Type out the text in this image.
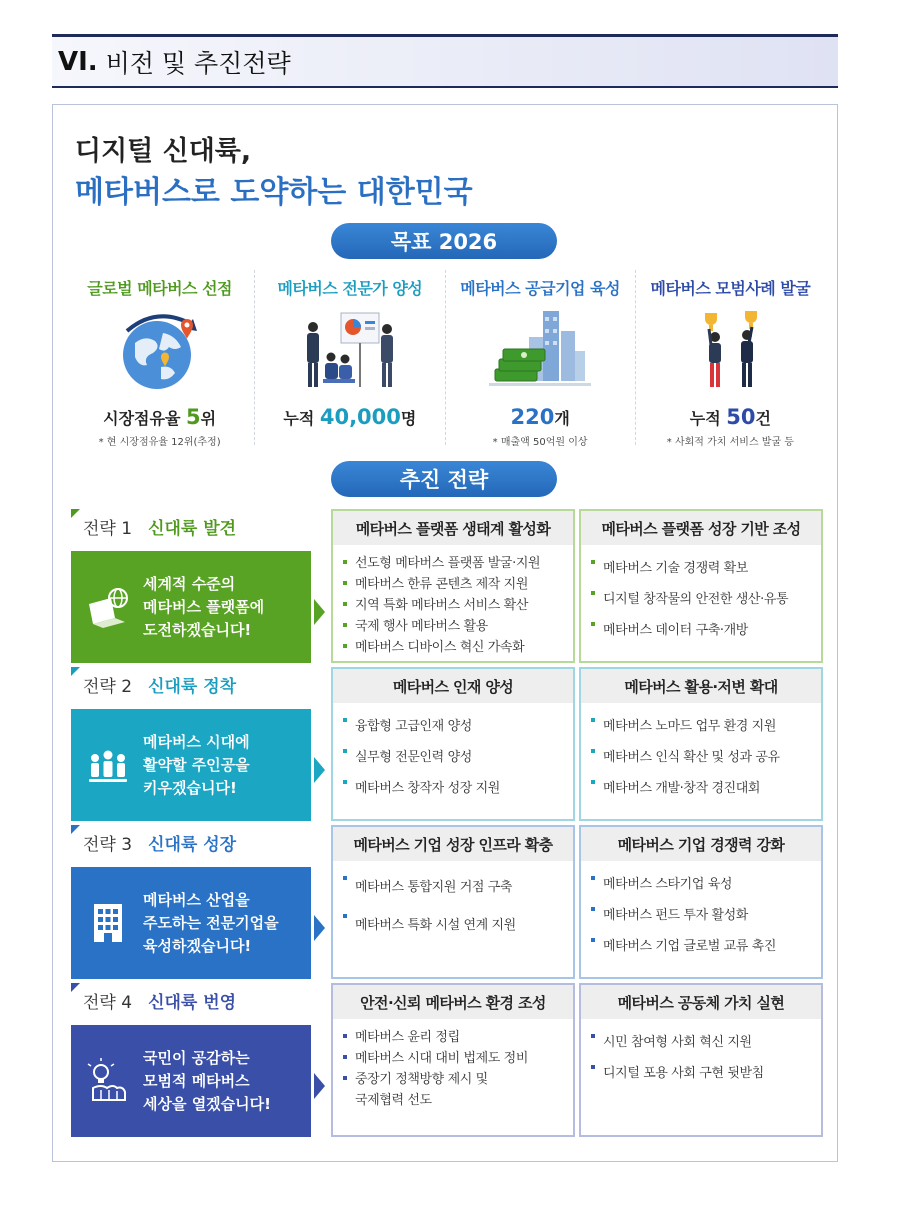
VI. 비전 및 추진전략
디지털 신대륙,
메타버스로 도약하는 대한민국
목표 2026
글로벌 메타버스 선점
시장점유율 5위
* 현 시장점유율 12위(추정)
메타버스 전문가 양성
누적 40,000명
메타버스 공급기업 육성
220개
* 매출액 50억원 이상
메타버스 모범사례 발굴
누적 50건
* 사회적 가치 서비스 발굴 등
추진 전략
전략 1 신대륙 발견
세계적 수준의
메타버스 플랫폼에
도전하겠습니다!
메타버스 플랫폼 생태계 활성화
선도형 메타버스 플랫폼 발굴·지원
메타버스 한류 콘텐츠 제작 지원
지역 특화 메타버스 서비스 확산
국제 행사 메타버스 활용
메타버스 디바이스 혁신 가속화
메타버스 플랫폼 성장 기반 조성
메타버스 기술 경쟁력 확보
디지털 창작물의 안전한 생산·유통
메타버스 데이터 구축·개방
전략 2 신대륙 정착
메타버스 시대에
활약할 주인공을
키우겠습니다!
메타버스 인재 양성
융합형 고급인재 양성
실무형 전문인력 양성
메타버스 창작자 성장 지원
메타버스 활용·저변 확대
메타버스 노마드 업무 환경 지원
메타버스 인식 확산 및 성과 공유
메타버스 개발·창작 경진대회
전략 3 신대륙 성장
메타버스 산업을
주도하는 전문기업을
육성하겠습니다!
메타버스 기업 성장 인프라 확충
메타버스 통합지원 거점 구축
메타버스 특화 시설 연계 지원
메타버스 기업 경쟁력 강화
메타버스 스타기업 육성
메타버스 펀드 투자 활성화
메타버스 기업 글로벌 교류 촉진
전략 4 신대륙 번영
국민이 공감하는
모범적 메타버스
세상을 열겠습니다!
안전·신뢰 메타버스 환경 조성
메타버스 윤리 정립
메타버스 시대 대비 법제도 정비
중장기 정책방향 제시 및
국제협력 선도
메타버스 공동체 가치 실현
시민 참여형 사회 혁신 지원
디지털 포용 사회 구현 뒷받침
